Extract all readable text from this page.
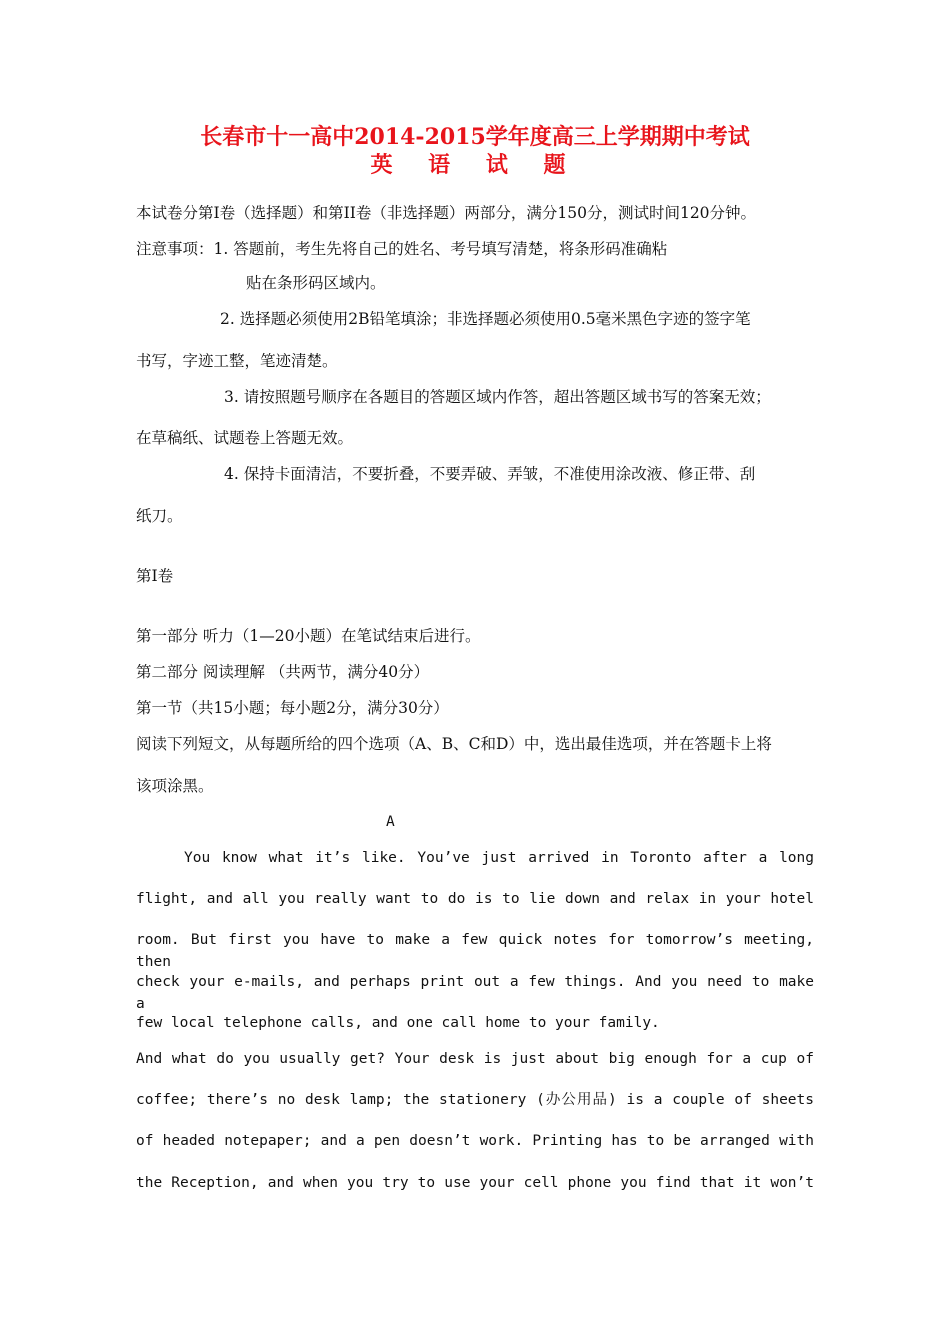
长春市十一高中2014-2015学年度高三上学期期中考试
英 语 试 题
本试卷分第I卷（选择题）和第II卷（非选择题）两部分，满分150分，测试时间120分钟。
注意事项：1. 答题前，考生先将自己的姓名、考号填写清楚，将条形码准确粘
贴在条形码区域内。
2. 选择题必须使用2B铅笔填涂；非选择题必须使用0.5毫米黑色字迹的签字笔
书写，字迹工整，笔迹清楚。
3. 请按照题号顺序在各题目的答题区域内作答，超出答题区域书写的答案无效；
在草稿纸、试题卷上答题无效。
4. 保持卡面清洁，不要折叠，不要弄破、弄皱，不准使用涂改液、修正带、刮
纸刀。
第I卷
第一部分 听力（1—20小题）在笔试结束后进行。
第二部分 阅读理解 （共两节，满分40分）
第一节（共15小题；每小题2分，满分30分）
阅读下列短文，从每题所给的四个选项（A、B、C和D）中，选出最佳选项，并在答题卡上将
该项涂黑。
A
You know what it’s like. You’ve just arrived in Toronto after a long
flight, and all you really want to do is to lie down and relax in your hotel
room. But first you have to make a few quick notes for tomorrow’s meeting, then
check your e-mails, and perhaps print out a few things. And you need to make a
few local telephone calls, and one call home to your family.
And what do you usually get? Your desk is just about big enough for a cup of
coffee; there’s no desk lamp; the stationery (办公用品) is a couple of sheets
of headed notepaper; and a pen doesn’t work. Printing has to be arranged with
the Reception, and when you try to use your cell phone you find that it won’t
